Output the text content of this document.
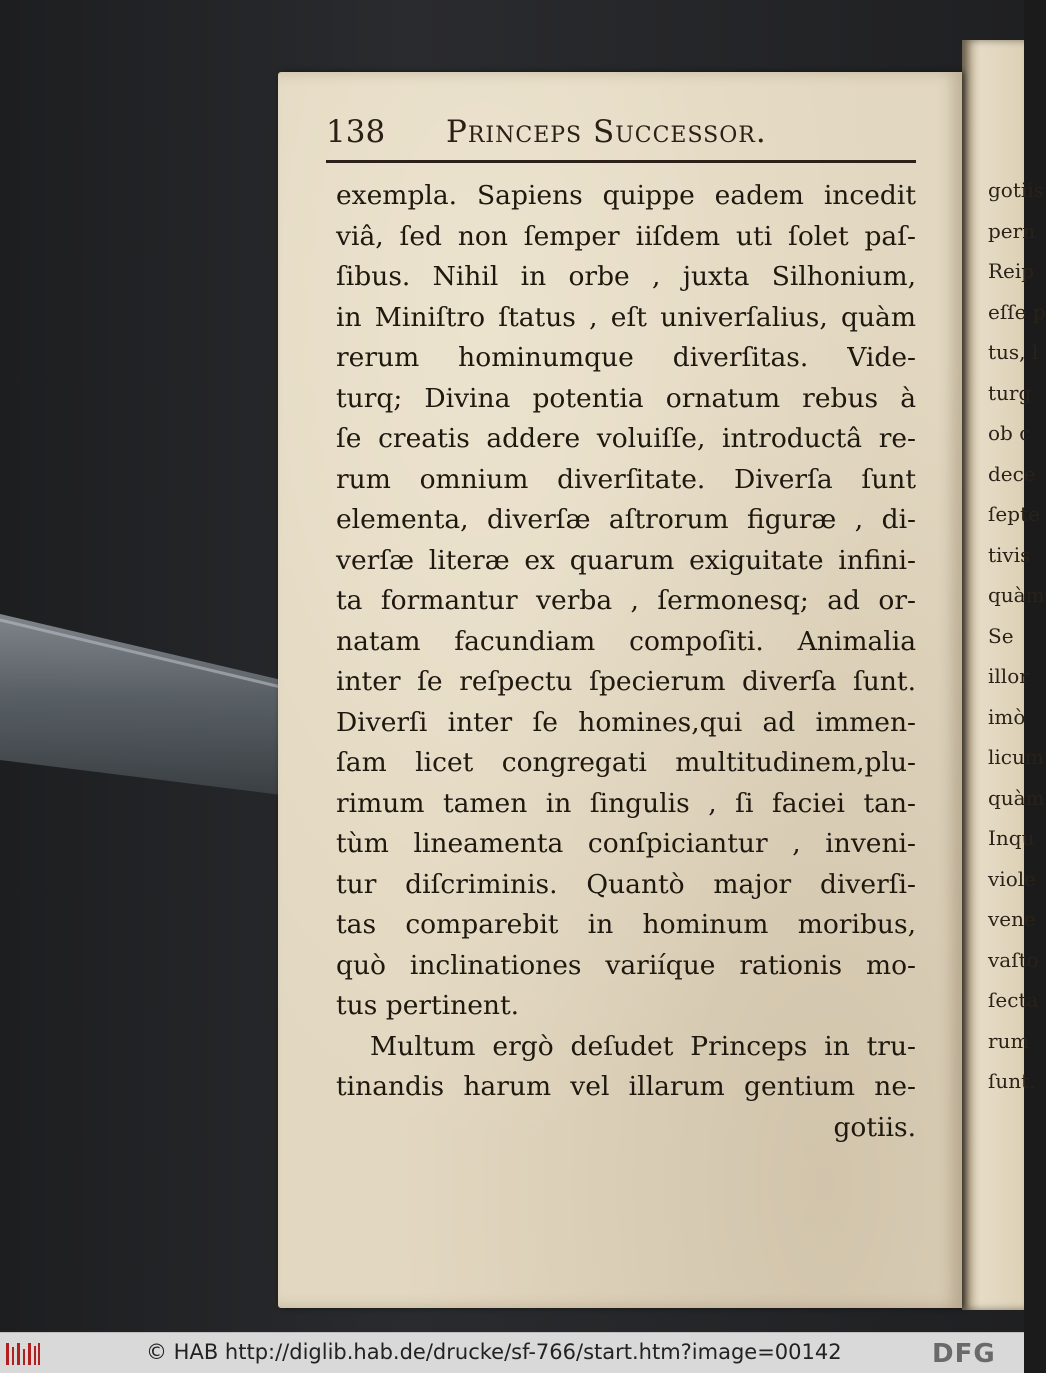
gotiis
pern
Reip
eſſe p
tus, l
turg
ob c
dece
ſepte
tivis
quàm
Se
illor
imò
licum
quàm
Inqu
viole
vene
vaſto
ſecta
rum
ſunt.
138 Princeps Successor.
exempla. Sapiens quippe eadem incedit
viâ, ſed non ſemper iiſdem uti ſolet paſ-
ſibus. Nihil in orbe , juxta Silhonium,
in Miniſtro ſtatus , eſt univerſalius, quàm
rerum hominumque diverſitas. Vide-
turq; Divina potentia ornatum rebus à
ſe creatis addere voluiſſe, introductâ re-
rum omnium diverſitate. Diverſa ſunt
elementa, diverſæ aſtrorum figuræ , di-
verſæ literæ ex quarum exiguitate infini-
ta formantur verba , ſermonesq; ad or-
natam facundiam compoſiti. Animalia
inter ſe reſpectu ſpecierum diverſa ſunt.
Diverſi inter ſe homines,qui ad immen-
ſam licet congregati multitudinem,plu-
rimum tamen in ſingulis , ſi faciei tan-
tùm lineamenta conſpiciantur , inveni-
tur diſcriminis. Quantò major diverſi-
tas comparebit in hominum moribus,
quò inclinationes variíque rationis mo-
tus pertinent.
Multum ergò deſudet Princeps in tru-
tinandis harum vel illarum gentium ne-
gotiis.
© HAB http://diglib.hab.de/drucke/sf-766/start.htm?image=00142	DFG
